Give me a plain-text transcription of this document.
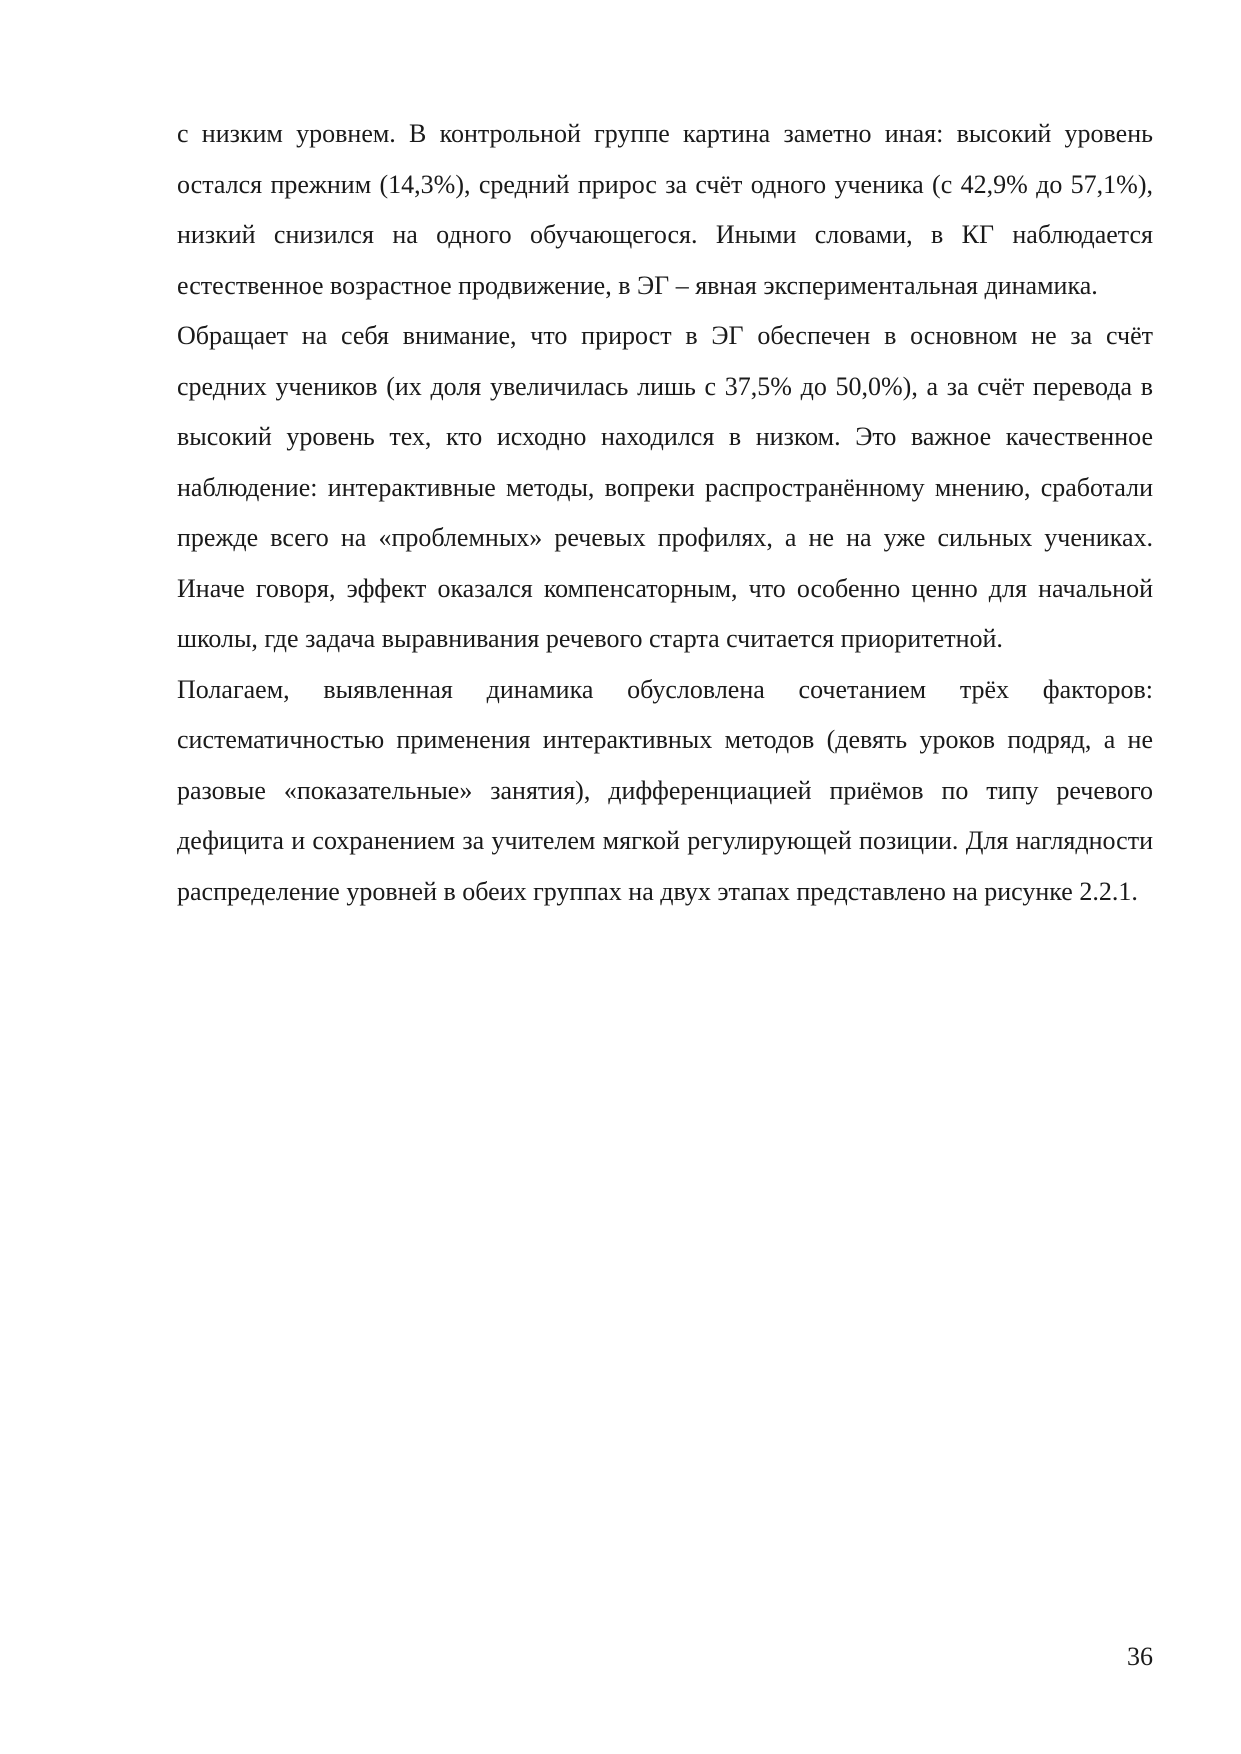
с низким уровнем. В контрольной группе картина заметно иная: высокий уровень остался прежним (14,3%), средний прирос за счёт одного ученика (с 42,9% до 57,1%), низкий снизился на одного обучающегося. Иными словами, в КГ наблюдается естественное возрастное продвижение, в ЭГ – явная экспериментальная динамика.

Обращает на себя внимание, что прирост в ЭГ обеспечен в основном не за счёт средних учеников (их доля увеличилась лишь с 37,5% до 50,0%), а за счёт перевода в высокий уровень тех, кто исходно находился в низком. Это важное качественное наблюдение: интерактивные методы, вопреки распространённому мнению, сработали прежде всего на «проблемных» речевых профилях, а не на уже сильных учениках. Иначе говоря, эффект оказался компенсаторным, что особенно ценно для начальной школы, где задача выравнивания речевого старта считается приоритетной.

Полагаем, выявленная динамика обусловлена сочетанием трёх факторов: систематичностью применения интерактивных методов (девять уроков подряд, а не разовые «показательные» занятия), дифференциацией приёмов по типу речевого дефицита и сохранением за учителем мягкой регулирующей позиции. Для наглядности распределение уровней в обеих группах на двух этапах представлено на рисунке 2.2.1.

36
